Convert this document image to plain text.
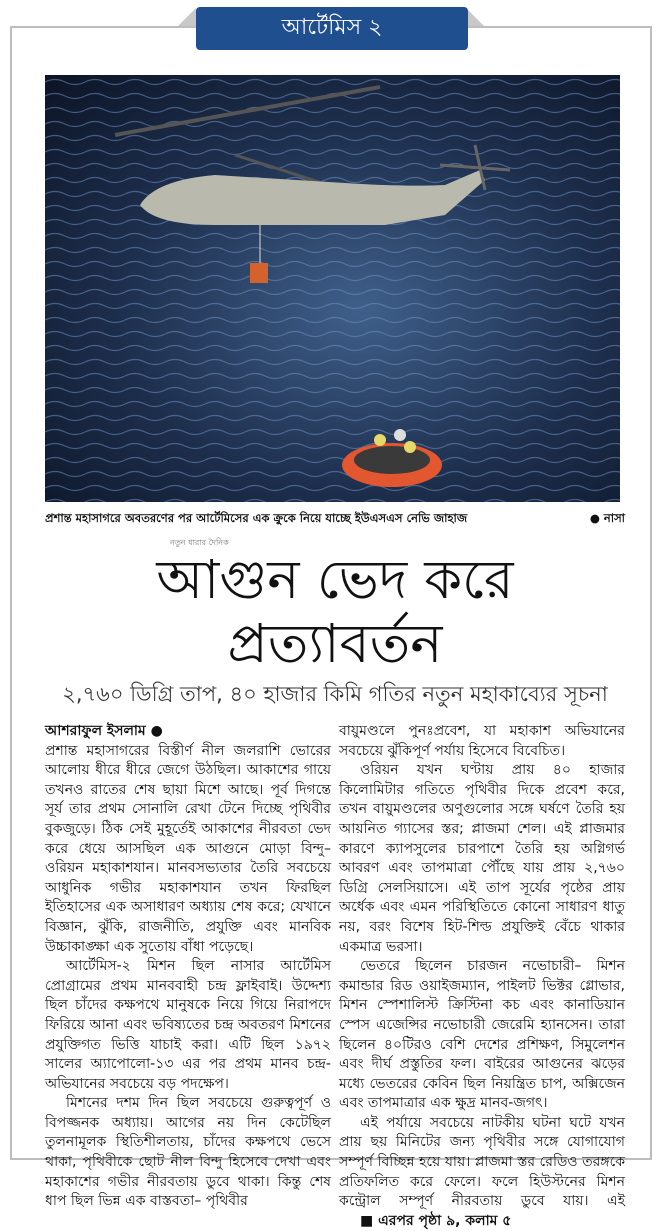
আর্টেমিস ২
প্রশান্ত মহাসাগরে অবতরণের পর আর্টেমিসের এক ক্রুকে নিয়ে যাচ্ছে ইউএসএস নেভি জাহাজ	● নাসা
নতুন ধারার দৈনিক
আগুন ভেদ করে প্রত্যাবর্তন
২,৭৬০ ডিগ্রি তাপ, ৪০ হাজার কিমি গতির নতুন মহাকাব্যের সূচনা
আশরাফুল ইসলাম ●

প্রশান্ত মহাসাগরের বিস্তীর্ণ নীল জলরাশি ভোরের আলোয় ধীরে ধীরে জেগে উঠছিল। আকাশের গায়ে তখনও রাতের শেষ ছায়া মিশে আছে। পূর্ব দিগন্তে সূর্য তার প্রথম সোনালি রেখা টেনে দিচ্ছে পৃথিবীর বুকজুড়ে। ঠিক সেই মুহূর্তেই আকাশের নীরবতা ভেদ করে ধেয়ে আসছিল এক আগুনে মোড়া বিন্দু– ওরিয়ন মহাকাশযান। মানবসভ্যতার তৈরি সবচেয়ে আধুনিক গভীর মহাকাশযান তখন ফিরছিল ইতিহাসের এক অসাধারণ অধ্যায় শেষ করে; যেখানে বিজ্ঞান, ঝুঁকি, রাজনীতি, প্রযুক্তি এবং মানবিক উচ্চাকাঙ্ক্ষা এক সুতোয় বাঁধা পড়েছে।

আর্টেমিস-২ মিশন ছিল নাসার আর্টেমিস প্রোগ্রামের প্রথম মানববাহী চন্দ্র ফ্লাইবাই। উদ্দেশ্য ছিল চাঁদের কক্ষপথে মানুষকে নিয়ে গিয়ে নিরাপদে ফিরিয়ে আনা এবং ভবিষ্যতের চন্দ্র অবতরণ মিশনের প্রযুক্তিগত ভিত্তি যাচাই করা। এটি ছিল ১৯৭২ সালের অ্যাপোলো-১৩ এর পর প্রথম মানব চন্দ্র-অভিযানের সবচেয়ে বড় পদক্ষেপ।

মিশনের দশম দিন ছিল সবচেয়ে গুরুত্বপূর্ণ ও বিপজ্জনক অধ্যায়। আগের নয় দিন কেটেছিল তুলনামূলক স্থিতিশীলতায়, চাঁদের কক্ষপথে ভেসে থাকা, পৃথিবীকে ছোট নীল বিন্দু হিসেবে দেখা এবং মহাকাশের গভীর নীরবতায় ডুবে থাকা। কিন্তু শেষ ধাপ ছিল ভিন্ন এক বাস্তবতা– পৃথিবীর

বায়ুমণ্ডলে পুনঃপ্রবেশ, যা মহাকাশ অভিযানের সবচেয়ে ঝুঁকিপূর্ণ পর্যায় হিসেবে বিবেচিত।

ওরিয়ন যখন ঘণ্টায় প্রায় ৪০ হাজার কিলোমিটার গতিতে পৃথিবীর দিকে প্রবেশ করে, তখন বায়ুমণ্ডলের অণুগুলোর সঙ্গে ঘর্ষণে তৈরি হয় আয়নিত গ্যাসের স্তর; প্লাজমা শেল। এই প্লাজমার কারণে ক্যাপসুলের চারপাশে তৈরি হয় অগ্নিগর্ভ আবরণ এবং তাপমাত্রা পৌঁছে যায় প্রায় ২,৭৬০ ডিগ্রি সেলসিয়াসে। এই তাপ সূর্যের পৃষ্ঠের প্রায় অর্ধেক এবং এমন পরিস্থিতিতে কোনো সাধারণ ধাতু নয়, বরং বিশেষ হিট-শিল্ড প্রযুক্তিই বেঁচে থাকার একমাত্র ভরসা।

ভেতরে ছিলেন চারজন নভোচারী– মিশন কমান্ডার রিড ওয়াইজম্যান, পাইলট ভিক্টর গ্লোভার, মিশন স্পেশালিস্ট ক্রিস্টিনা কচ এবং কানাডিয়ান স্পেস এজেন্সির নভোচারী জেরেমি হ্যানসেন। তারা ছিলেন ৪০টিরও বেশি দেশের প্রশিক্ষণ, সিমুলেশন এবং দীর্ঘ প্রস্তুতির ফল। বাইরের আগুনের ঝড়ের মধ্যে ভেতরের কেবিন ছিল নিয়ন্ত্রিত চাপ, অক্সিজেন এবং তাপমাত্রার এক ক্ষুদ্র মানব-জগৎ।

এই পর্যায়ে সবচেয়ে নাটকীয় ঘটনা ঘটে যখন প্রায় ছয় মিনিটের জন্য পৃথিবীর সঙ্গে যোগাযোগ সম্পূর্ণ বিচ্ছিন্ন হয়ে যায়। প্লাজমা স্তর রেডিও তরঙ্গকে প্রতিফলিত করে ফেলে। ফলে হিউস্টনের মিশন কন্ট্রোল সম্পূর্ণ নীরবতায় ডুবে যায়। এই ■ এরপর পৃষ্ঠা ৯, কলাম ৫
